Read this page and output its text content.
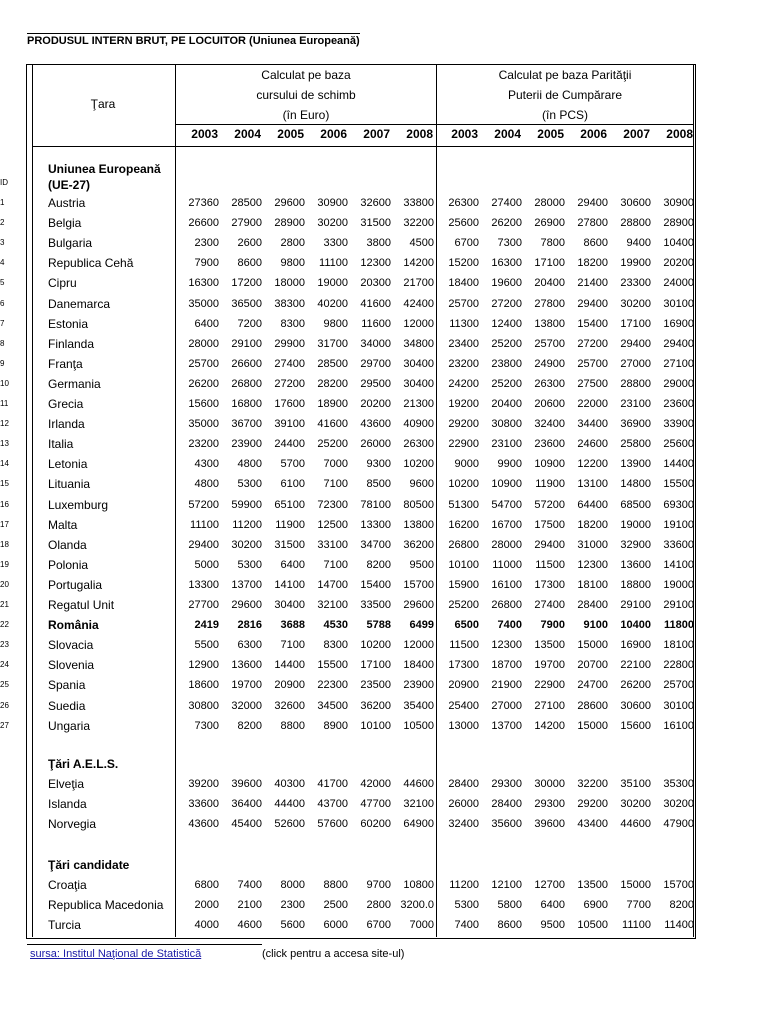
PRODUSUL INTERN BRUT, PE LOCUITOR (Uniunea Europeană)
Ţara
Calculat pe baza
cursului de schimb
(în Euro)
Calculat pe baza Parităţii
Puterii de Cumpărare
(în PCS)
2003	2004	2005	2006	2007	2008	2003	2004	2005	2006	2007	2008
ID
Uniunea Europeană
(UE-27)
Ţări A.E.L.S.
Ţări candidate
1	Austria	27360	28500	29600	30900	32600	33800	26300	27400	28000	29400	30600	30900
2	Belgia	26600	27900	28900	30200	31500	32200	25600	26200	26900	27800	28800	28900
3	Bulgaria	2300	2600	2800	3300	3800	4500	6700	7300	7800	8600	9400	10400
4	Republica Cehă	7900	8600	9800	11100	12300	14200	15200	16300	17100	18200	19900	20200
5	Cipru	16300	17200	18000	19000	20300	21700	18400	19600	20400	21400	23300	24000
6	Danemarca	35000	36500	38300	40200	41600	42400	25700	27200	27800	29400	30200	30100
7	Estonia	6400	7200	8300	9800	11600	12000	11300	12400	13800	15400	17100	16900
8	Finlanda	28000	29100	29900	31700	34000	34800	23400	25200	25700	27200	29400	29400
9	Franţa	25700	26600	27400	28500	29700	30400	23200	23800	24900	25700	27000	27100
10	Germania	26200	26800	27200	28200	29500	30400	24200	25200	26300	27500	28800	29000
11	Grecia	15600	16800	17600	18900	20200	21300	19200	20400	20600	22000	23100	23600
12	Irlanda	35000	36700	39100	41600	43600	40900	29200	30800	32400	34400	36900	33900
13	Italia	23200	23900	24400	25200	26000	26300	22900	23100	23600	24600	25800	25600
14	Letonia	4300	4800	5700	7000	9300	10200	9000	9900	10900	12200	13900	14400
15	Lituania	4800	5300	6100	7100	8500	9600	10200	10900	11900	13100	14800	15500
16	Luxemburg	57200	59900	65100	72300	78100	80500	51300	54700	57200	64400	68500	69300
17	Malta	11100	11200	11900	12500	13300	13800	16200	16700	17500	18200	19000	19100
18	Olanda	29400	30200	31500	33100	34700	36200	26800	28000	29400	31000	32900	33600
19	Polonia	5000	5300	6400	7100	8200	9500	10100	11000	11500	12300	13600	14100
20	Portugalia	13300	13700	14100	14700	15400	15700	15900	16100	17300	18100	18800	19000
21	Regatul Unit	27700	29600	30400	32100	33500	29600	25200	26800	27400	28400	29100	29100
22	România	2419	2816	3688	4530	5788	6499	6500	7400	7900	9100	10400	11800
23	Slovacia	5500	6300	7100	8300	10200	12000	11500	12300	13500	15000	16900	18100
24	Slovenia	12900	13600	14400	15500	17100	18400	17300	18700	19700	20700	22100	22800
25	Spania	18600	19700	20900	22300	23500	23900	20900	21900	22900	24700	26200	25700
26	Suedia	30800	32000	32600	34500	36200	35400	25400	27000	27100	28600	30600	30100
27	Ungaria	7300	8200	8800	8900	10100	10500	13000	13700	14200	15000	15600	16100
Elveţia	39200	39600	40300	41700	42000	44600	28400	29300	30000	32200	35100	35300
Islanda	33600	36400	44400	43700	47700	32100	26000	28400	29300	29200	30200	30200
Norvegia	43600	45400	52600	57600	60200	64900	32400	35600	39600	43400	44600	47900
Croaţia	6800	7400	8000	8800	9700	10800	11200	12100	12700	13500	15000	15700
Republica Macedonia	2000	2100	2300	2500	2800 3200.0	5300	5800	6400	6900	7700	8200
Turcia	4000	4600	5600	6000	6700	7000	7400	8600	9500	10500	11100	11400
sursa: Institul Naţional de Statistică	(click pentru a accesa site-ul)
